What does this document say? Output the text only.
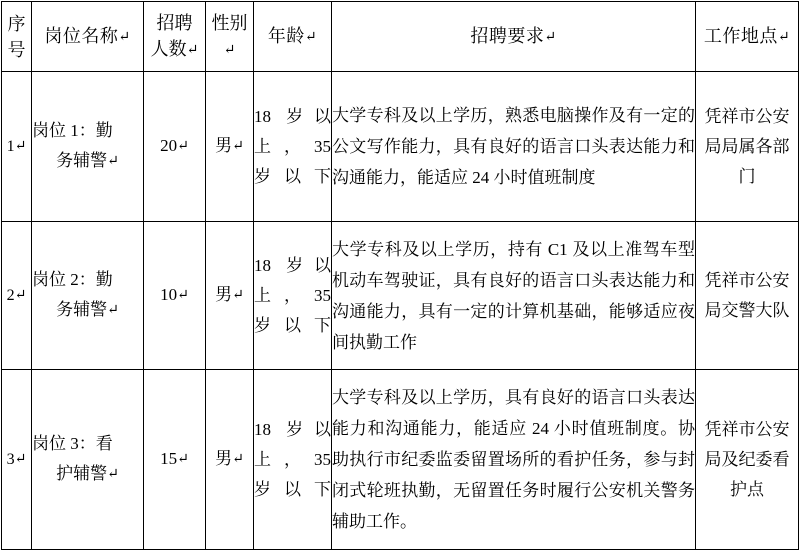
序
号	岗位名称↵	招聘
人数↵	性别↵	年龄↵	招聘要求↵	工作地点↵
1↵	岗位 1：勤
务辅警↵	20↵	男↵	18 岁以
上，35
岁以下	大学专科及以上学历，熟悉电脑操作及有一定的公文写作能力，具有良好的语言口头表达能力和沟通能力，能适应 24 小时值班制度	凭祥市公安
局局属各部
门

2↵	岗位 2：勤
务辅警↵	10↵	男↵	18 岁以
上，35
岁以下	大学专科及以上学历，持有 C1 及以上准驾车型机动车驾驶证，具有良好的语言口头表达能力和沟通能力，具有一定的计算机基础，能够适应夜间执勤工作	凭祥市公安
局交警大队

3↵	岗位 3：看
护辅警↵	15↵	男↵	18 岁以
上，35
岁以下	大学专科及以上学历，具有良好的语言口头表达能力和沟通能力，能适应 24 小时值班制度。协助执行市纪委监委留置场所的看护任务，参与封闭式轮班执勤，无留置任务时履行公安机关警务辅助工作。	凭祥市公安
局及纪委看
护点
